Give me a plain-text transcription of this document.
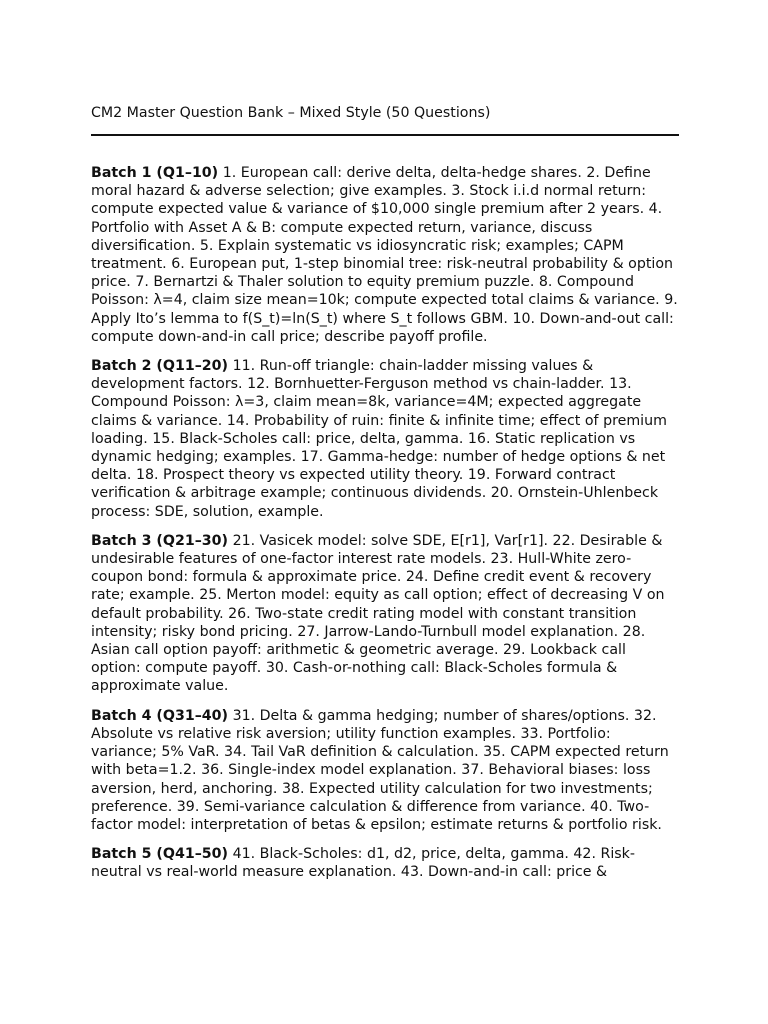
CM2 Master Question Bank – Mixed Style (50 Questions)

Batch 1 (Q1–10) 1. European call: derive delta, delta-hedge shares. 2. Define moral hazard & adverse selection; give examples. 3. Stock i.i.d normal return: compute expected value & variance of $10,000 single premium after 2 years. 4. Portfolio with Asset A & B: compute expected return, variance, discuss diversification. 5. Explain systematic vs idiosyncratic risk; examples; CAPM treatment. 6. European put, 1-step binomial tree: risk-neutral probability & option price. 7. Bernartzi & Thaler solution to equity premium puzzle. 8. Compound Poisson: λ=4, claim size mean=10k; compute expected total claims & variance. 9. Apply Ito’s lemma to f(S_t)=ln(S_t) where S_t follows GBM. 10. Down-and-out call: compute down-and-in call price; describe payoff profile.

Batch 2 (Q11–20) 11. Run-off triangle: chain-ladder missing values & development factors. 12. Bornhuetter-Ferguson method vs chain-ladder. 13. Compound Poisson: λ=3, claim mean=8k, variance=4M; expected aggregate claims & variance. 14. Probability of ruin: finite & infinite time; effect of premium loading. 15. Black-Scholes call: price, delta, gamma. 16. Static replication vs dynamic hedging; examples. 17. Gamma-hedge: number of hedge options & net delta. 18. Prospect theory vs expected utility theory. 19. Forward contract verification & arbitrage example; continuous dividends. 20. Ornstein-Uhlenbeck process: SDE, solution, example.

Batch 3 (Q21–30) 21. Vasicek model: solve SDE, E[r1], Var[r1]. 22. Desirable & undesirable features of one-factor interest rate models. 23. Hull-White zero-coupon bond: formula & approximate price. 24. Define credit event & recovery rate; example. 25. Merton model: equity as call option; effect of decreasing V on default probability. 26. Two-state credit rating model with constant transition intensity; risky bond pricing. 27. Jarrow-Lando-Turnbull model explanation. 28. Asian call option payoff: arithmetic & geometric average. 29. Lookback call option: compute payoff. 30. Cash-or-nothing call: Black-Scholes formula & approximate value.

Batch 4 (Q31–40) 31. Delta & gamma hedging; number of shares/options. 32. Absolute vs relative risk aversion; utility function examples. 33. Portfolio: variance; 5% VaR. 34. Tail VaR definition & calculation. 35. CAPM expected return with beta=1.2. 36. Single-index model explanation. 37. Behavioral biases: loss aversion, herd, anchoring. 38. Expected utility calculation for two investments; preference. 39. Semi-variance calculation & difference from variance. 40. Two-factor model: interpretation of betas & epsilon; estimate returns & portfolio risk.

Batch 5 (Q41–50) 41. Black-Scholes: d1, d2, price, delta, gamma. 42. Risk-neutral vs real-world measure explanation. 43. Down-and-in call: price &
